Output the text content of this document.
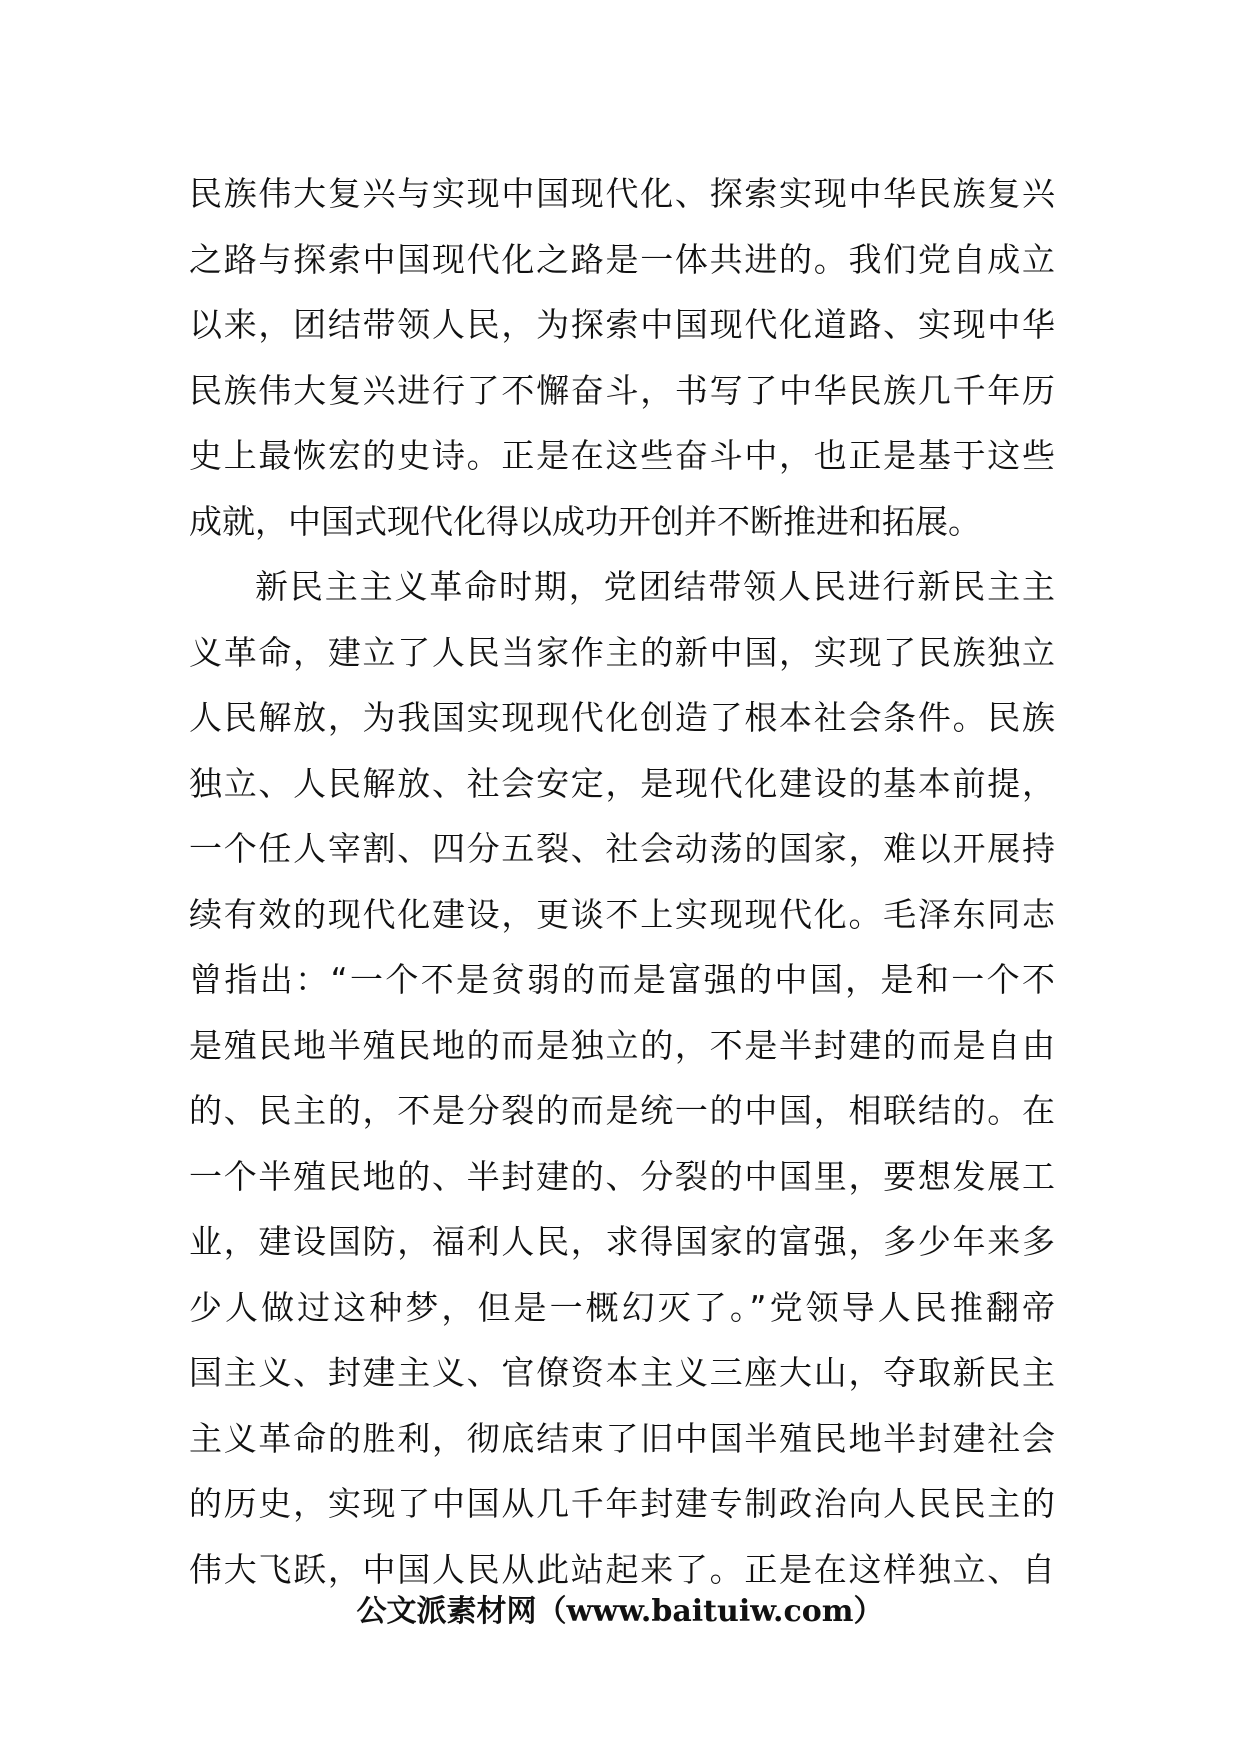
民族伟大复兴与实现中国现代化、探索实现中华民族复兴
之路与探索中国现代化之路是一体共进的。我们党自成立
以来，团结带领人民，为探索中国现代化道路、实现中华
民族伟大复兴进行了不懈奋斗，书写了中华民族几千年历
史上最恢宏的史诗。正是在这些奋斗中，也正是基于这些
成就，中国式现代化得以成功开创并不断推进和拓展。
新民主主义革命时期，党团结带领人民进行新民主主
义革命，建立了人民当家作主的新中国，实现了民族独立
人民解放，为我国实现现代化创造了根本社会条件。民族
独立、人民解放、社会安定，是现代化建设的基本前提，
一个任人宰割、四分五裂、社会动荡的国家，难以开展持
续有效的现代化建设，更谈不上实现现代化。毛泽东同志
曾指出：“一个不是贫弱的而是富强的中国，是和一个不
是殖民地半殖民地的而是独立的，不是半封建的而是自由
的、民主的，不是分裂的而是统一的中国，相联结的。在
一个半殖民地的、半封建的、分裂的中国里，要想发展工
业，建设国防，福利人民，求得国家的富强，多少年来多
少人做过这种梦，但是一概幻灭了。”党领导人民推翻帝
国主义、封建主义、官僚资本主义三座大山，夺取新民主
主义革命的胜利，彻底结束了旧中国半殖民地半封建社会
的历史，实现了中国从几千年封建专制政治向人民民主的
伟大飞跃，中国人民从此站起来了。正是在这样独立、自
公文派素材网（www.baituiw.com）
